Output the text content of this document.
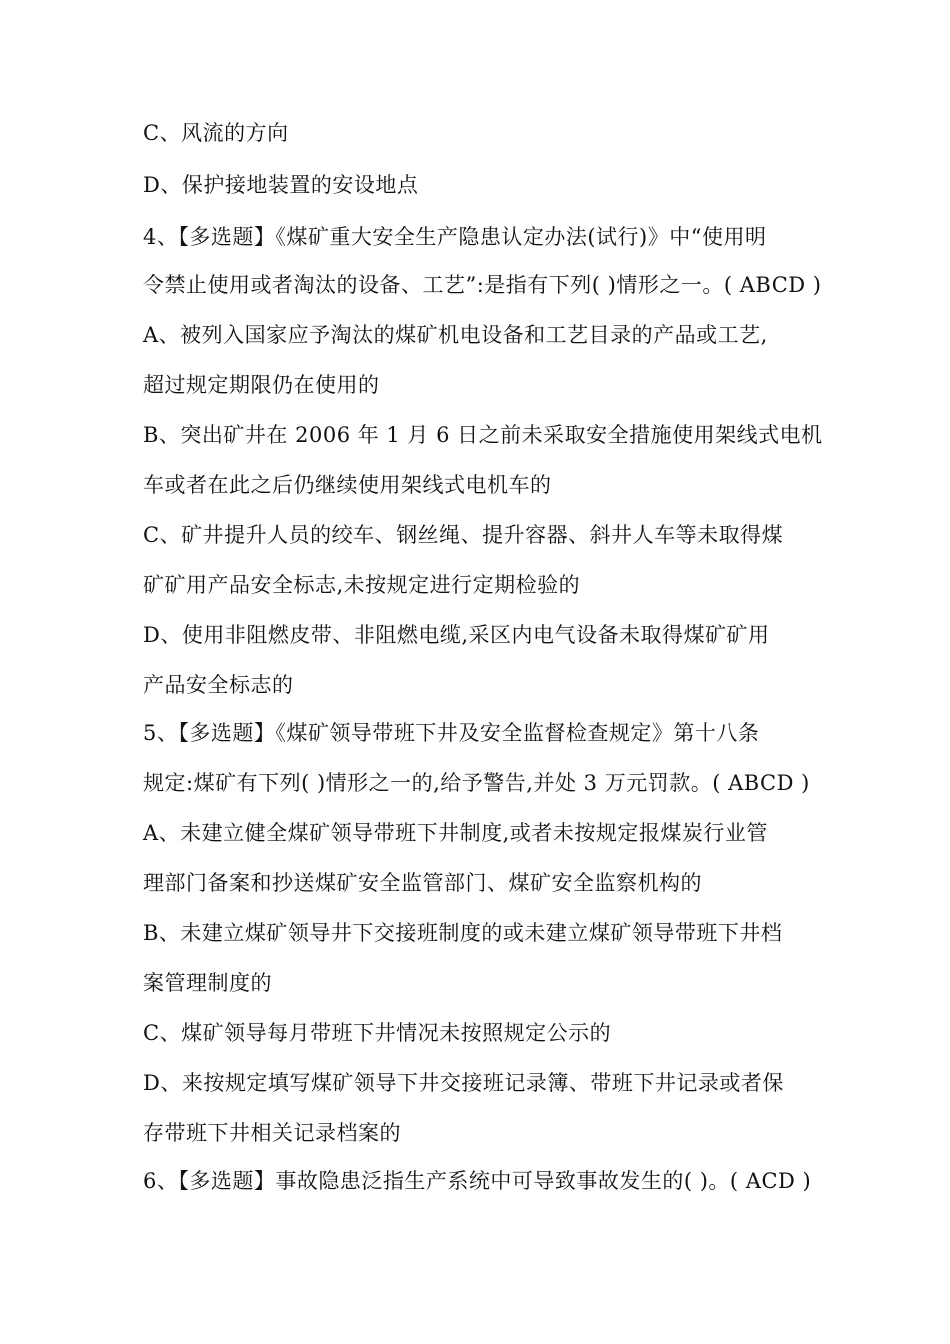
C、风流的方向
D、保护接地装置的安设地点
4、【多选题】《煤矿重大安全生产隐患认定办法(试行)》中“使用明
令禁止使用或者淘汰的设备、工艺”:是指有下列( )情形之一。( ABCD )
A、被列入国家应予淘汰的煤矿机电设备和工艺目录的产品或工艺,
超过规定期限仍在使用的
B、突出矿井在 2006 年 1 月 6 日之前未采取安全措施使用架线式电机
车或者在此之后仍继续使用架线式电机车的
C、矿井提升人员的绞车、钢丝绳、提升容器、斜井人车等未取得煤
矿矿用产品安全标志,未按规定进行定期检验的
D、使用非阻燃皮带、非阻燃电缆,采区内电气设备未取得煤矿矿用
产品安全标志的
5、【多选题】《煤矿领导带班下井及安全监督检查规定》第十八条
规定:煤矿有下列( )情形之一的,给予警告,并处 3 万元罚款。( ABCD )
A、未建立健全煤矿领导带班下井制度,或者未按规定报煤炭行业管
理部门备案和抄送煤矿安全监管部门、煤矿安全监察机构的
B、未建立煤矿领导井下交接班制度的或未建立煤矿领导带班下井档
案管理制度的
C、煤矿领导每月带班下井情况未按照规定公示的
D、来按规定填写煤矿领导下井交接班记录簿、带班下井记录或者保
存带班下井相关记录档案的
6、【多选题】事故隐患泛指生产系统中可导致事故发生的( )。( ACD )
